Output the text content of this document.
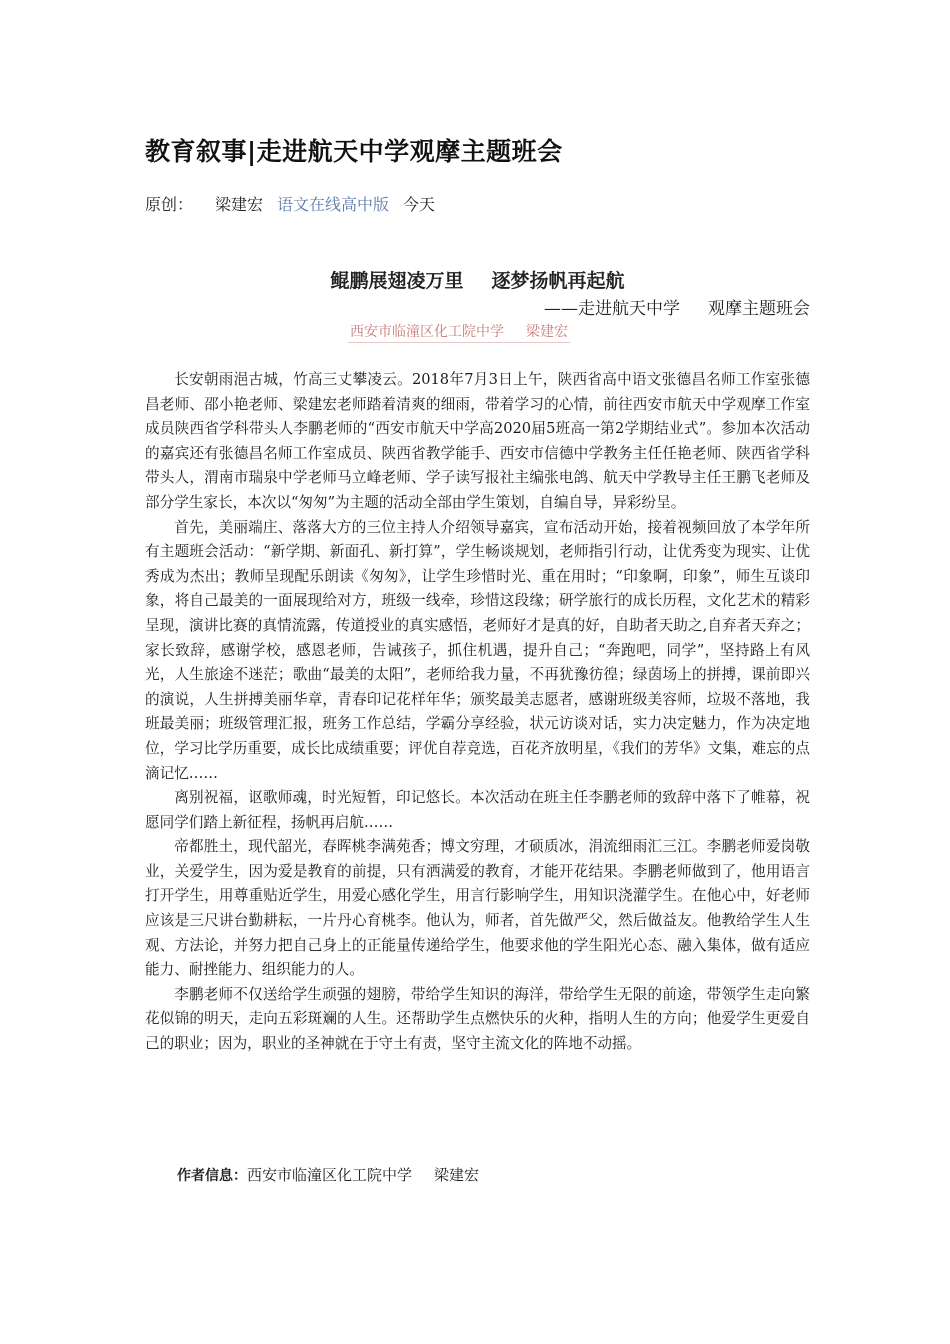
教育叙事|走进航天中学观摩主题班会
原创： 梁建宏 语文在线高中版 今天
鲲鹏展翅凌万里 逐梦扬帆再起航
——走进航天中学 观摩主题班会
西安市临潼区化工院中学 梁建宏

长安朝雨浥古城，竹高三丈攀凌云。2018年7月3日上午，陕西省高中语文张德昌名师工作室张德昌老师、邵小艳老师、梁建宏老师踏着清爽的细雨，带着学习的心情，前往西安市航天中学观摩工作室成员陕西省学科带头人李鹏老师的“西安市航天中学高2020届5班高一第2学期结业式”。参加本次活动的嘉宾还有张德昌名师工作室成员、陕西省教学能手、西安市信德中学教务主任任艳老师、陕西省学科带头人，渭南市瑞泉中学老师马立峰老师、学子读写报社主编张电鸽、航天中学教导主任王鹏飞老师及部分学生家长，本次以“匆匆”为主题的活动全部由学生策划，自编自导，异彩纷呈。

首先，美丽端庄、落落大方的三位主持人介绍领导嘉宾，宣布活动开始，接着视频回放了本学年所有主题班会活动：“新学期、新面孔、新打算”，学生畅谈规划，老师指引行动，让优秀变为现实、让优秀成为杰出；教师呈现配乐朗读《匆匆》，让学生珍惜时光、重在用时；“印象啊，印象”，师生互谈印象，将自己最美的一面展现给对方，班级一线牵，珍惜这段缘；研学旅行的成长历程，文化艺术的精彩呈现，演讲比赛的真情流露，传道授业的真实感悟，老师好才是真的好，自助者天助之,自弃者天弃之；家长致辞，感谢学校，感恩老师，告诫孩子，抓住机遇，提升自己；“奔跑吧，同学”，坚持路上有风光，人生旅途不迷茫；歌曲“最美的太阳”，老师给我力量，不再犹豫彷徨；绿茵场上的拼搏，课前即兴的演说，人生拼搏美丽华章，青春印记花样年华；颁奖最美志愿者，感谢班级美容师，垃圾不落地，我班最美丽；班级管理汇报，班务工作总结，学霸分享经验，状元访谈对话，实力决定魅力，作为决定地位，学习比学历重要，成长比成绩重要；评优自荐竞选，百花齐放明星，《我们的芳华》文集，难忘的点滴记忆……

离别祝福，讴歌师魂，时光短暂，印记悠长。本次活动在班主任李鹏老师的致辞中落下了帷幕，祝愿同学们踏上新征程，扬帆再启航……

帝都胜土，现代韶光，春晖桃李满苑香；博文穷理，才硕质冰，涓流细雨汇三江。李鹏老师爱岗敬业，关爱学生，因为爱是教育的前提，只有洒满爱的教育，才能开花结果。李鹏老师做到了，他用语言打开学生，用尊重贴近学生，用爱心感化学生，用言行影响学生，用知识浇灌学生。在他心中，好老师应该是三尺讲台勤耕耘，一片丹心育桃李。他认为，师者，首先做严父，然后做益友。他教给学生人生观、方法论，并努力把自己身上的正能量传递给学生，他要求他的学生阳光心态、融入集体，做有适应能力、耐挫能力、组织能力的人。

李鹏老师不仅送给学生顽强的翅膀，带给学生知识的海洋，带给学生无限的前途，带领学生走向繁花似锦的明天，走向五彩斑斓的人生。还帮助学生点燃快乐的火种，指明人生的方向；他爱学生更爱自己的职业；因为，职业的圣神就在于守土有责，坚守主流文化的阵地不动摇。

作者信息：西安市临潼区化工院中学 梁建宏
